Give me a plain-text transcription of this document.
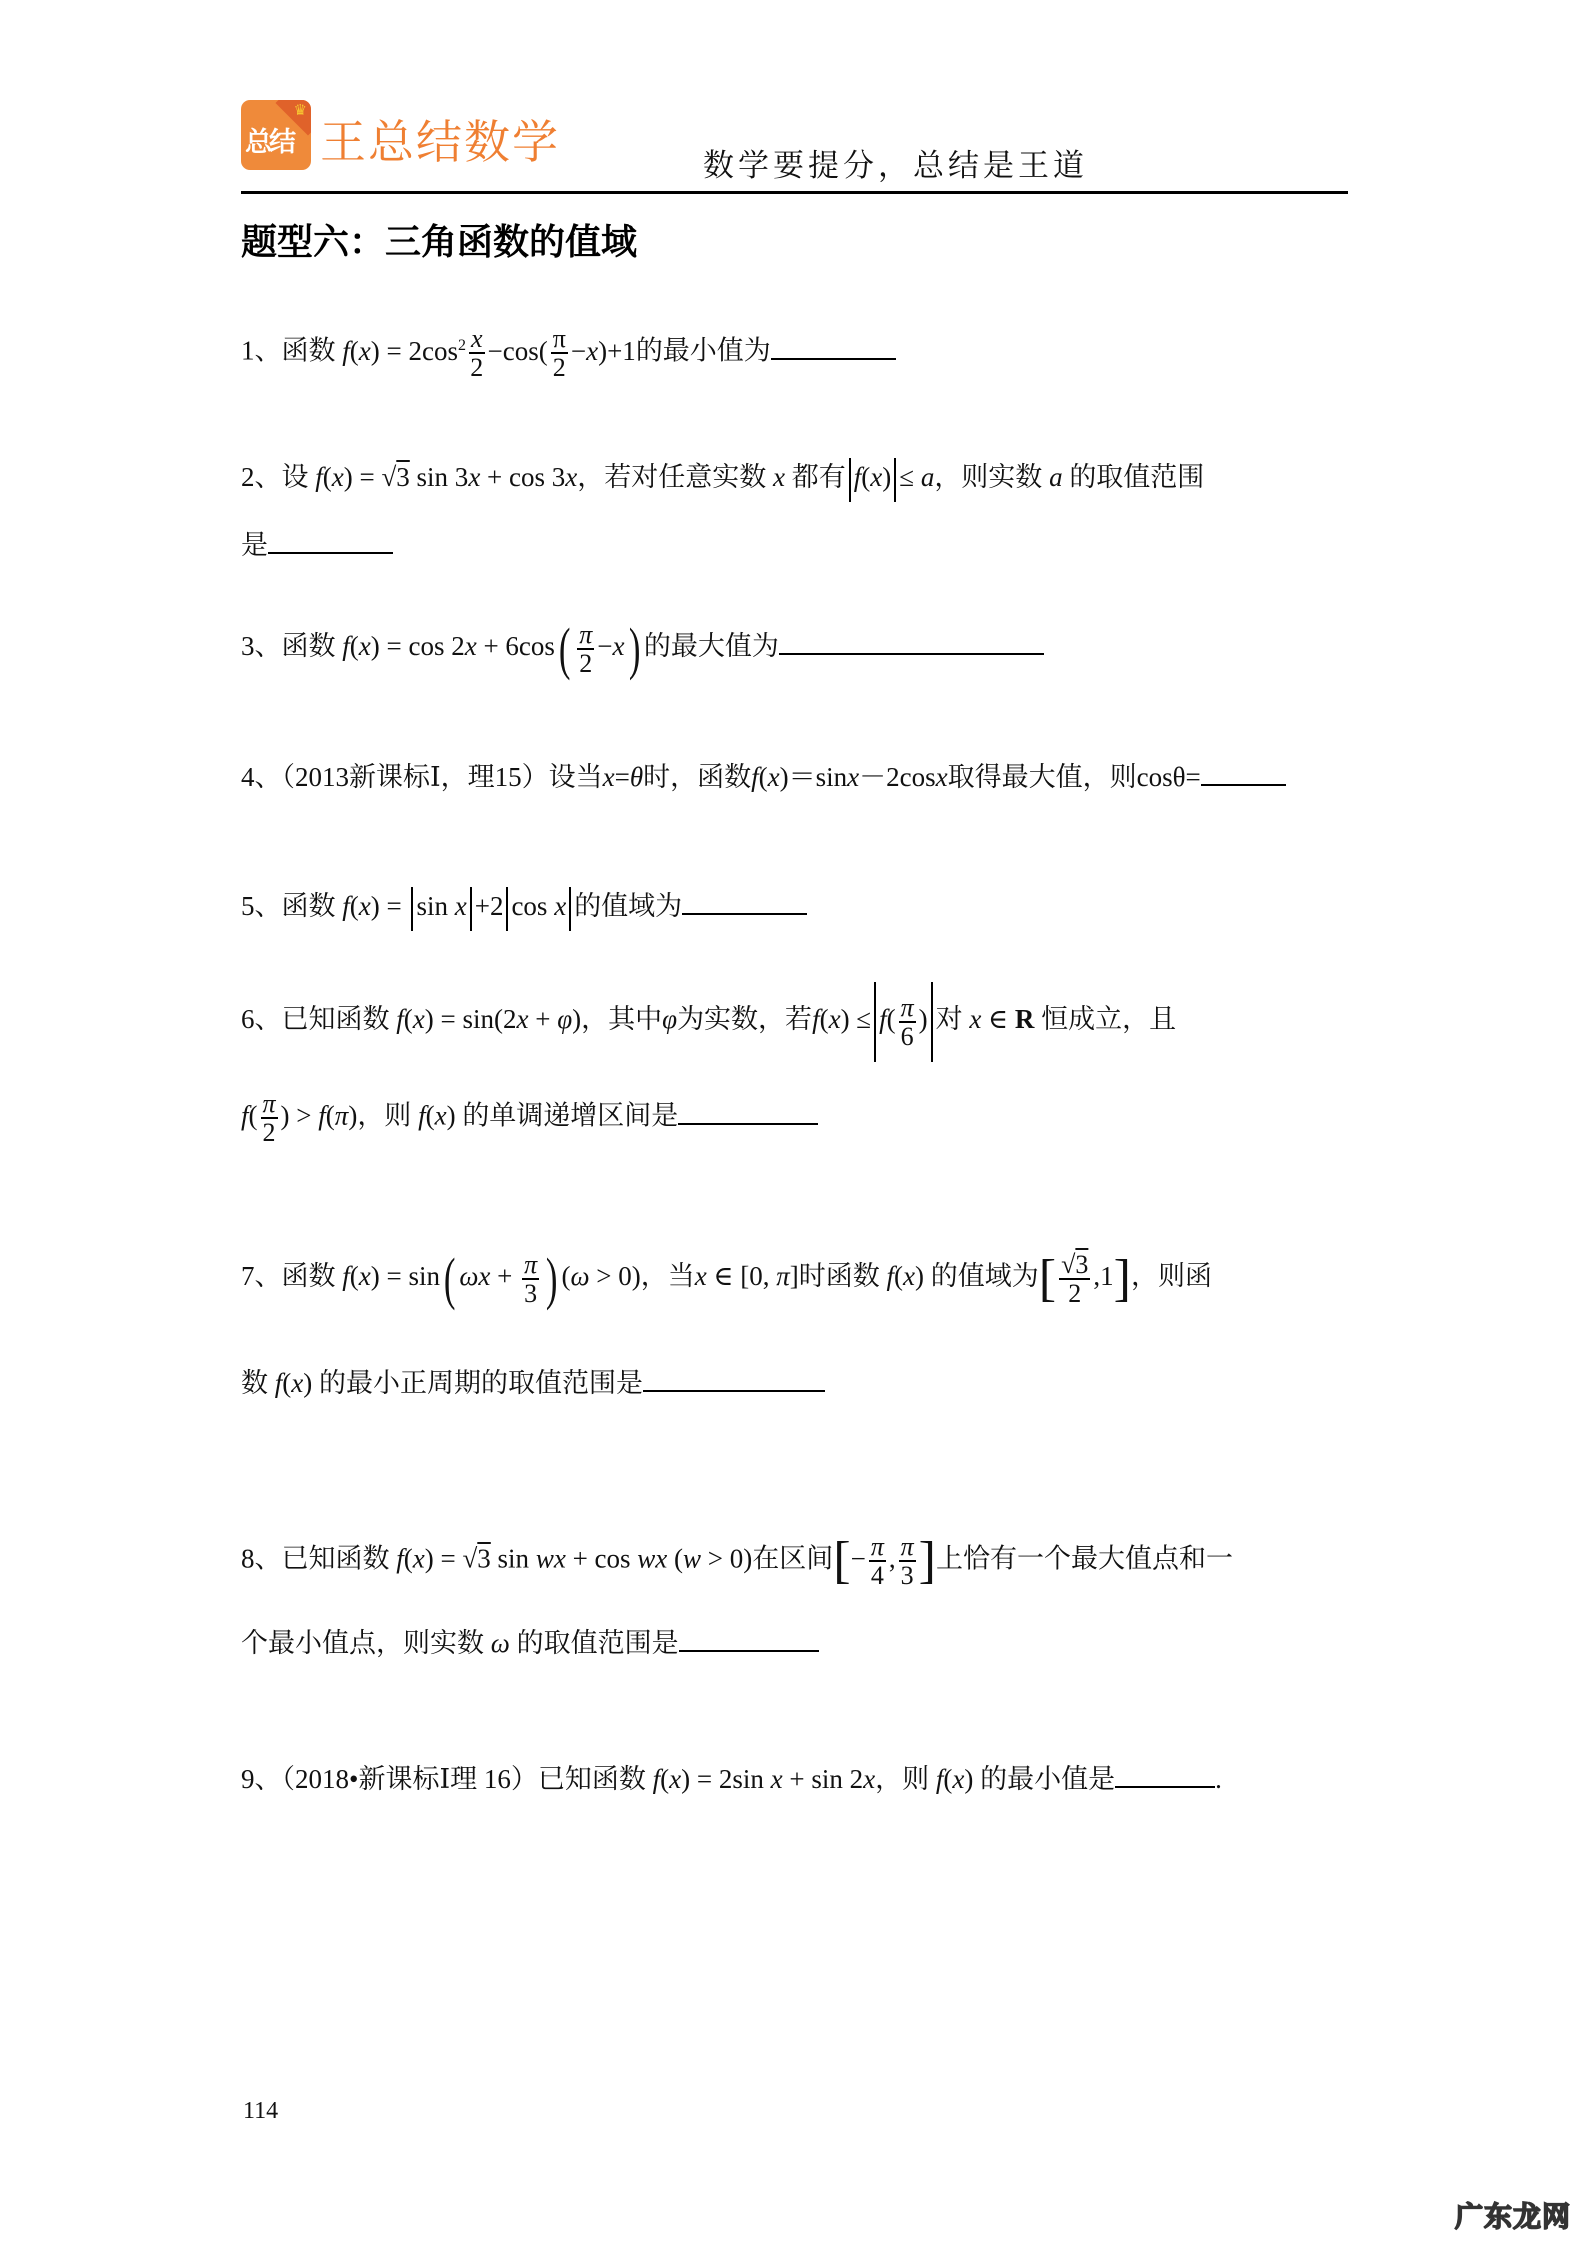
♛
总结 王总结数学	数学要提分，总结是王道
题型六：三角函数的值域
1、函数 $f(x) = 2\cos^2 \frac{x}{2} -\cos( \frac{\pi}{2} -x)+1$的最小值为
2、设 f(x) = √3 sin 3x + cos 3x，若对任意实数 x 都有 f(x) ≤ a，则实数 a 的取值范围
是
3、函数 $f(x) = \cos 2x + 6\cos( \frac{\pi}{2} -x)$ 的最大值为
4、（2013新课标Ⅰ，理15）设当x=θ时，函数f(x)＝sinx－2cosx取得最大值，则cosθ=
5、函数 f(x) = sin x +2 cos x 的值域为
6、已知函数 f(x) = sin(2x + φ)，其中φ为实数，若$f(x) \le f( \frac{\pi}{6}$ ) 对 x ∈ R 恒成立，且
$f( \frac{\pi}{2}$ ) > f(π)，则 f(x) 的单调递增区间是
7、函数 f(x) = sin( $\omega x + \frac{\pi}{3}$ ) (ω > 0)，当x ∈ [0, π]时函数 f(x) 的值域为[ $\frac{√3}{2} ,1$]，则函
数 f(x) 的最小正周期的取值范围是
8、已知函数 f(x) = √3 sin wx + cos wx (w > 0)在区间[− $\frac{\pi}{4}$ , $\frac{\pi}{3}$ ]上恰有一个最大值点和一
个最小值点，则实数 ω 的取值范围是
9、（2018•新课标Ⅰ理 16）已知函数 f(x) = 2sin x + sin 2x，则 f(x) 的最小值是	.
114
广东龙网
